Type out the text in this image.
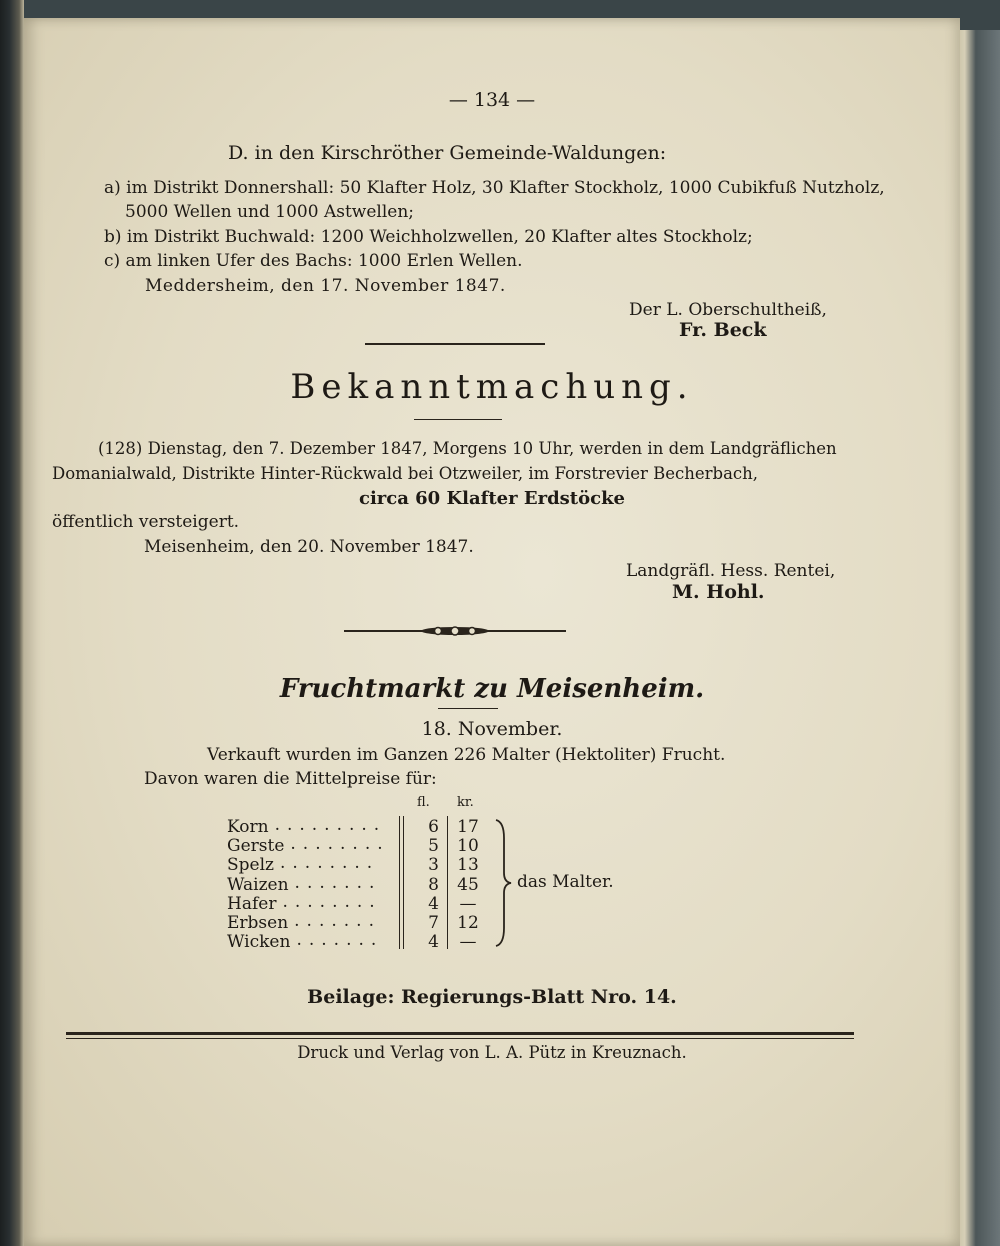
— 134 —
D. in den Kirschröther Gemeinde-Waldungen:
a) im Distrikt Donnershall: 50 Klafter Holz, 30 Klafter Stockholz, 1000 Cubikfuß Nutzholz,
5000 Wellen und 1000 Astwellen;
b) im Distrikt Buchwald: 1200 Weichholzwellen, 20 Klafter altes Stockholz;
c) am linken Ufer des Bachs: 1000 Erlen Wellen.
Meddersheim, den 17. November 1847.
Der L. Oberschultheiß,
Fr. Beck
Bekanntmachung.
(128) Dienstag, den 7. Dezember 1847, Morgens 10 Uhr, werden in dem Landgräflichen
Domanialwald, Distrikte Hinter-Rückwald bei Otzweiler, im Forstrevier Becherbach,
circa 60 Klafter Erdstöcke
öffentlich versteigert.
Meisenheim, den 20. November 1847.
Landgräfl. Hess. Rentei,
M. Hohl.
Fruchtmarkt zu Meisenheim.
18. November.
Verkauft wurden im Ganzen 226 Malter (Hektoliter) Frucht.
Davon waren die Mittelpreise für:
fl. kr.
Korn	6 17
.........
Gerste	5 10
........
Spelz	3 13
........
Waizen	8 45
.......
Hafer	4	—
........
Erbsen	7 12
.......
Wicken	4	—
.......
das Malter.
Beilage: Regierungs-Blatt Nro. 14.
Druck und Verlag von L. A. Pütz in Kreuznach.
